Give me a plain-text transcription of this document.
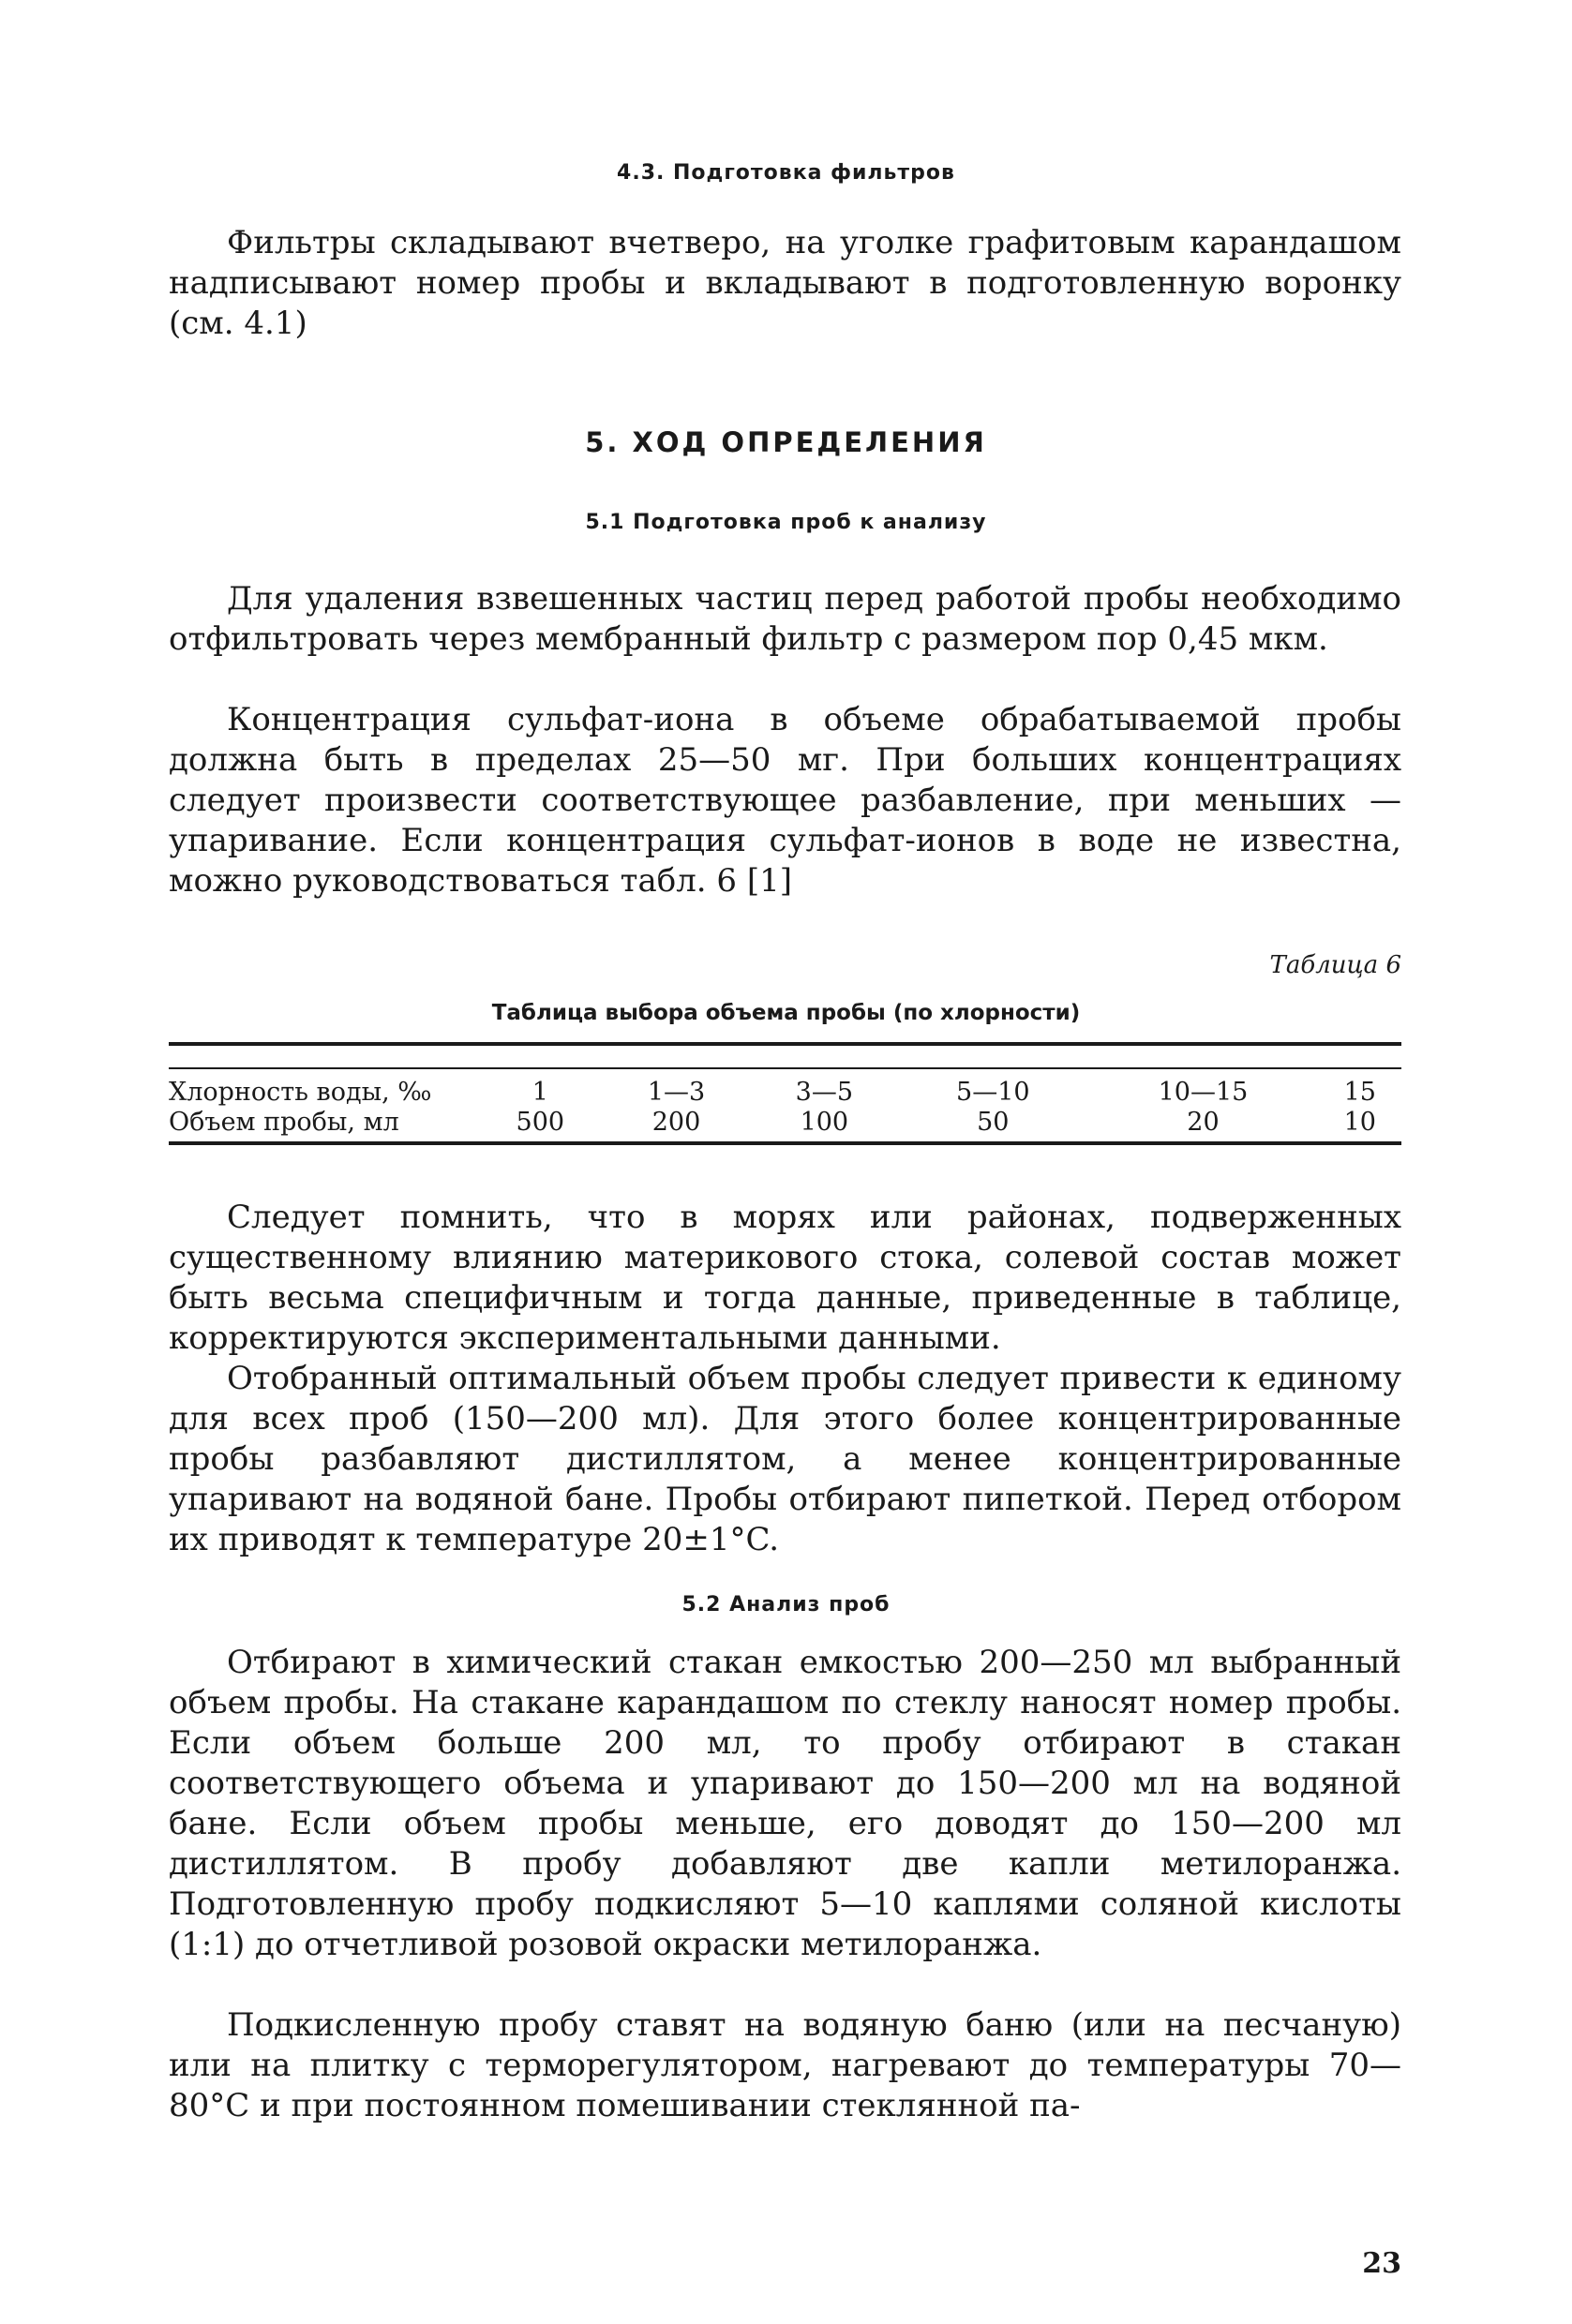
4.3. Подготовка фильтров

Фильтры складывают вчетверо, на уголке графитовым карандашом надписывают номер пробы и вкладывают в подготовленную воронку (см. 4.1)

5. ХОД ОПРЕДЕЛЕНИЯ
5.1 Подготовка проб к анализу

Для удаления взвешенных частиц перед работой пробы необходимо отфильтровать через мембранный фильтр с размером пор 0,45 мкм.

Концентрация сульфат-иона в объеме обрабатываемой пробы должна быть в пределах 25—50 мг. При больших концентрациях следует произвести соответствующее разбавление, при меньших — упаривание. Если концентрация сульфат-ионов в воде не известна, можно руководствоваться табл. 6 [1]

Таблица 6
Таблица выбора объема пробы (по хлорности)
Хлорность воды, ‰	1	1—3	3—5	5—10	10—15	15
Объем пробы, мл	500	200	100	50	20	10

Следует помнить, что в морях или районах, подверженных существенному влиянию материкового стока, солевой состав может быть весьма специфичным и тогда данные, приведенные в таблице, корректируются экспериментальными данными.

Отобранный оптимальный объем пробы следует привести к единому для всех проб (150—200 мл). Для этого более концентрированные пробы разбавляют дистиллятом, а менее концентрированные упаривают на водяной бане. Пробы отбирают пипеткой. Перед отбором их приводят к температуре 20±1°C.

5.2 Анализ проб

Отбирают в химический стакан емкостью 200—250 мл выбранный объем пробы. На стакане карандашом по стеклу наносят номер пробы. Если объем больше 200 мл, то пробу отбирают в стакан соответствующего объема и упаривают до 150—200 мл на водяной бане. Если объем пробы меньше, его доводят до 150—200 мл дистиллятом. В пробу добавляют две капли метилоранжа. Подготовленную пробу подкисляют 5—10 каплями соляной кислоты (1:1) до отчетливой розовой окраски метилоранжа.

Подкисленную пробу ставят на водяную баню (или на песчаную) или на плитку с терморегулятором, нагревают до температуры 70—80°C и при постоянном помешивании стеклянной па-

23
